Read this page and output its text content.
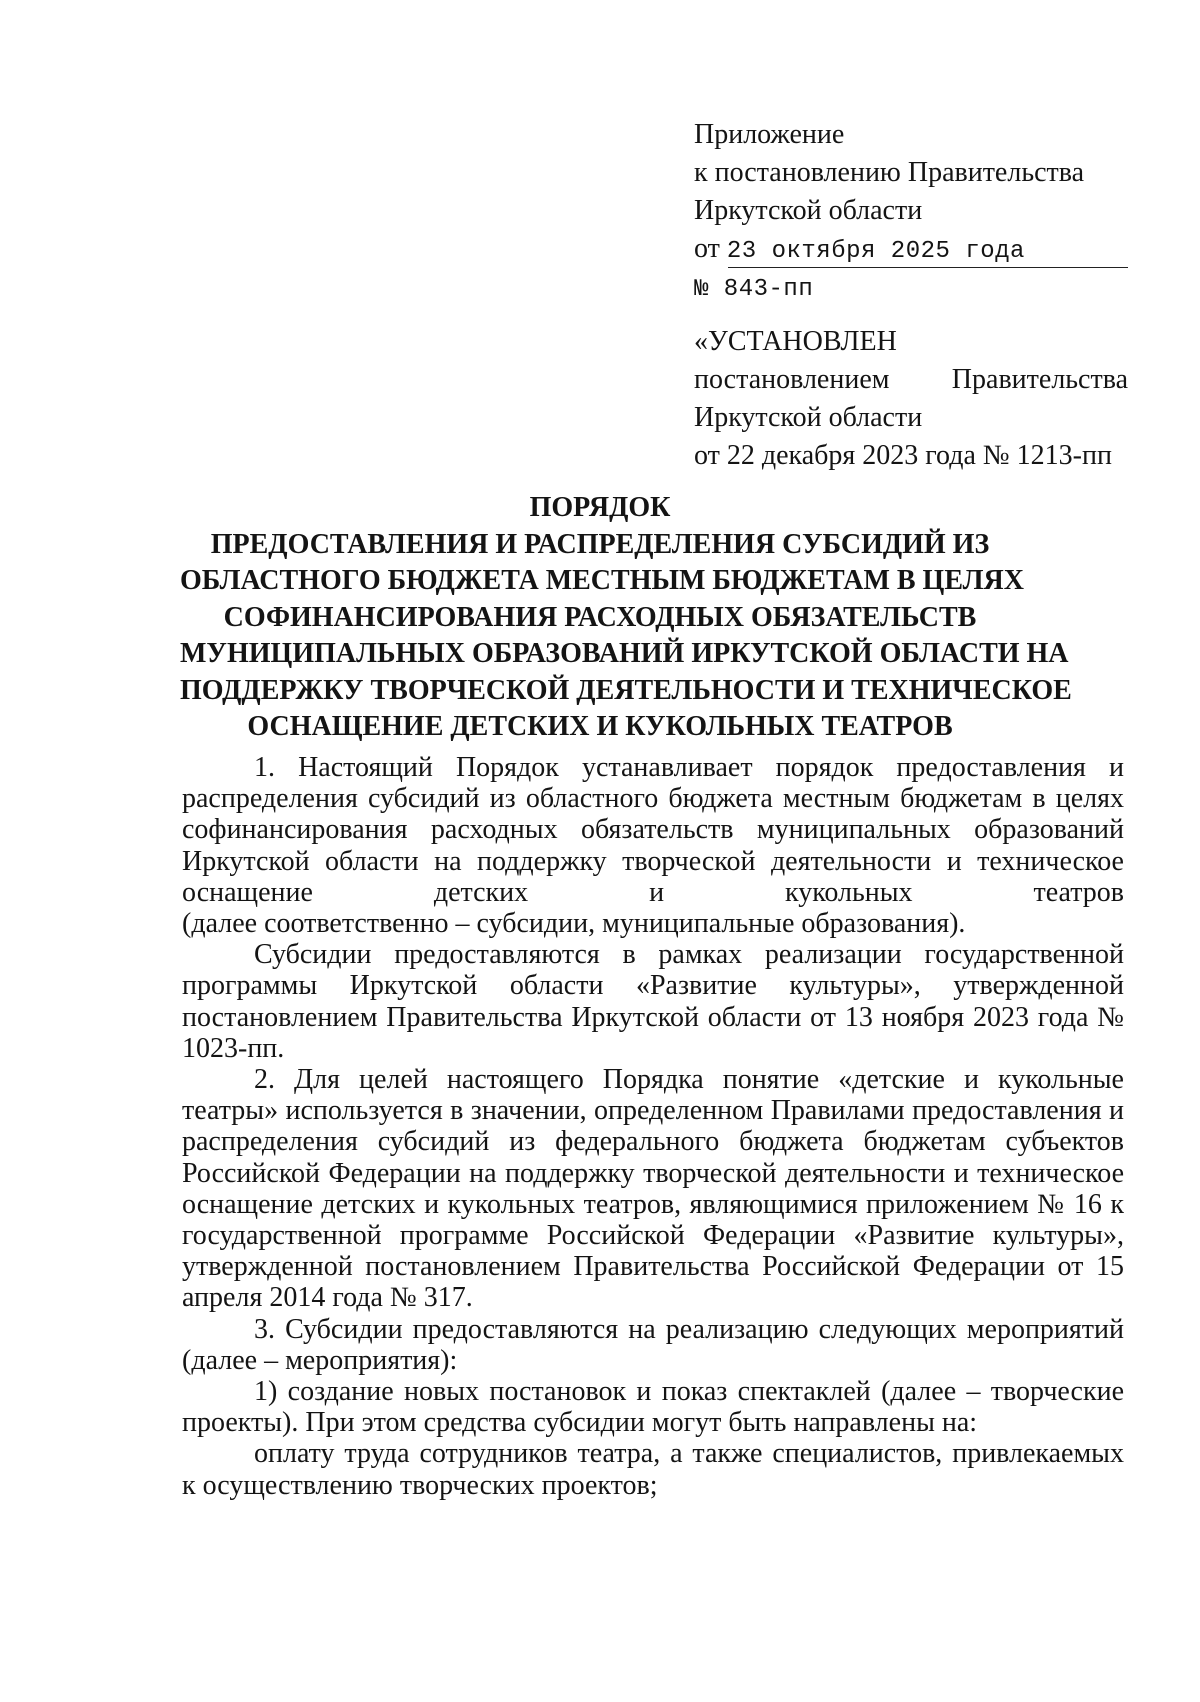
Приложение
к постановлению Правительства
Иркутской области
от 23 октября 2025 года
№ 843-пп
«УСТАНОВЛЕН
постановлением Правительства
Иркутской области
от 22 декабря 2023 года № 1213-пп
ПОРЯДОК
ПРЕДОСТАВЛЕНИЯ И РАСПРЕДЕЛЕНИЯ СУБСИДИЙ ИЗ
ОБЛАСТНОГО БЮДЖЕТА МЕСТНЫМ БЮДЖЕТАМ В ЦЕЛЯХ
СОФИНАНСИРОВАНИЯ РАСХОДНЫХ ОБЯЗАТЕЛЬСТВ
МУНИЦИПАЛЬНЫХ ОБРАЗОВАНИЙ ИРКУТСКОЙ ОБЛАСТИ НА
ПОДДЕРЖКУ ТВОРЧЕСКОЙ ДЕЯТЕЛЬНОСТИ И ТЕХНИЧЕСКОЕ
ОСНАЩЕНИЕ ДЕТСКИХ И КУКОЛЬНЫХ ТЕАТРОВ

1. Настоящий Порядок устанавливает порядок предоставления и распределения субсидий из областного бюджета местным бюджетам в целях софинансирования расходных обязательств муниципальных образований Иркутской области на поддержку творческой деятельности и техническое оснащение детских и кукольных театров

(далее соответственно – субсидии, муниципальные образования).

Субсидии предоставляются в рамках реализации государственной программы Иркутской области «Развитие культуры», утвержденной постановлением Правительства Иркутской области от 13 ноября 2023 года № 1023-пп.

2. Для целей настоящего Порядка понятие «детские и кукольные театры» используется в значении, определенном Правилами предоставления и распределения субсидий из федерального бюджета бюджетам субъектов Российской Федерации на поддержку творческой деятельности и техническое оснащение детских и кукольных театров, являющимися приложением № 16 к государственной программе Российской Федерации «Развитие культуры», утвержденной постановлением Правительства Российской Федерации от 15 апреля 2014 года № 317.

3. Субсидии предоставляются на реализацию следующих мероприятий (далее – мероприятия):

1) создание новых постановок и показ спектаклей (далее – творческие проекты). При этом средства субсидии могут быть направлены на:

оплату труда сотрудников театра, а также специалистов, привлекаемых к осуществлению творческих проектов;
